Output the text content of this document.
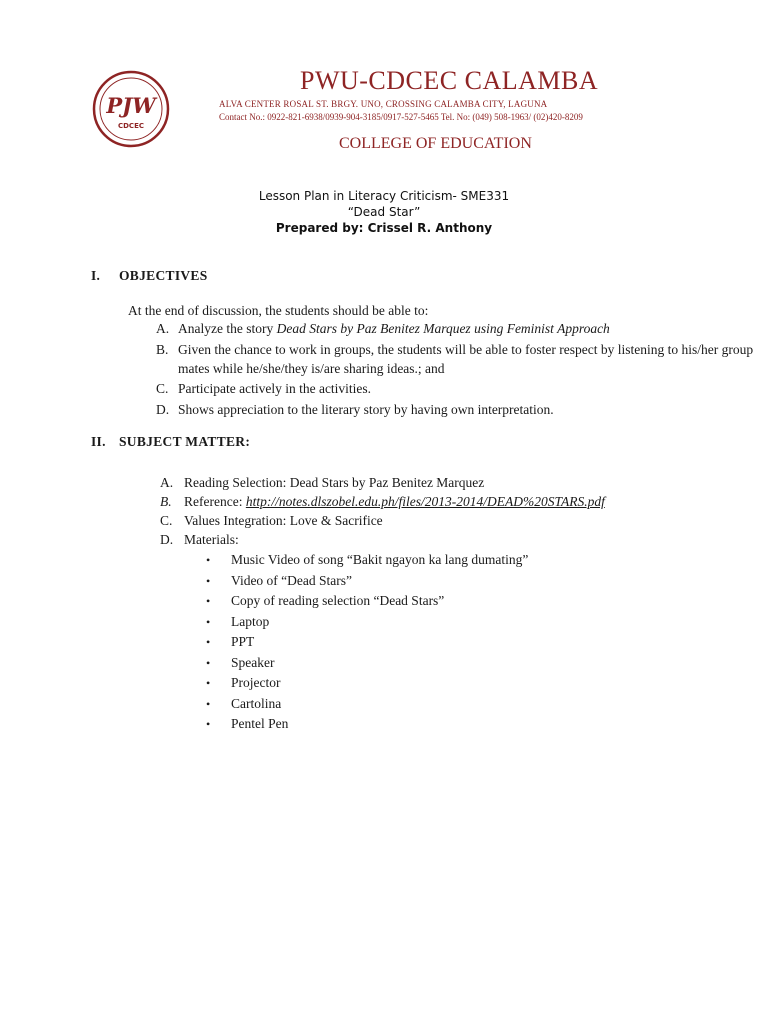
PJW
CDCEC
PWU-CDCEC CALAMBA
ALVA CENTER ROSAL ST. BRGY. UNO, CROSSING CALAMBA CITY, LAGUNA
Contact No.: 0922-821-6938/0939-904-3185/0917-527-5465 Tel. No: (049) 508-1963/ (02)420-8209
COLLEGE OF EDUCATION
Lesson Plan in Literacy Criticism- SME331
“Dead Star”
Prepared by: Crissel R. Anthony
I. OBJECTIVES
At the end of discussion, the students should be able to:
A. Analyze the story Dead Stars by Paz Benitez Marquez using Feminist Approach
B. Given the chance to work in groups, the students will be able to foster respect by listening to his/her group mates while he/she/they is/are sharing ideas.; and
C. Participate actively in the activities.
D. Shows appreciation to the literary story by having own interpretation.
II. SUBJECT MATTER:
A. Reading Selection: Dead Stars by Paz Benitez Marquez
B. Reference: http://notes.dlszobel.edu.ph/files/2013-2014/DEAD%20STARS.pdf
C. Values Integration: Love & Sacrifice
D. Materials:
• Music Video of song “Bakit ngayon ka lang dumating”
• Video of “Dead Stars”
• Copy of reading selection “Dead Stars”
• Laptop
• PPT
• Speaker
• Projector
• Cartolina
• Pentel Pen
